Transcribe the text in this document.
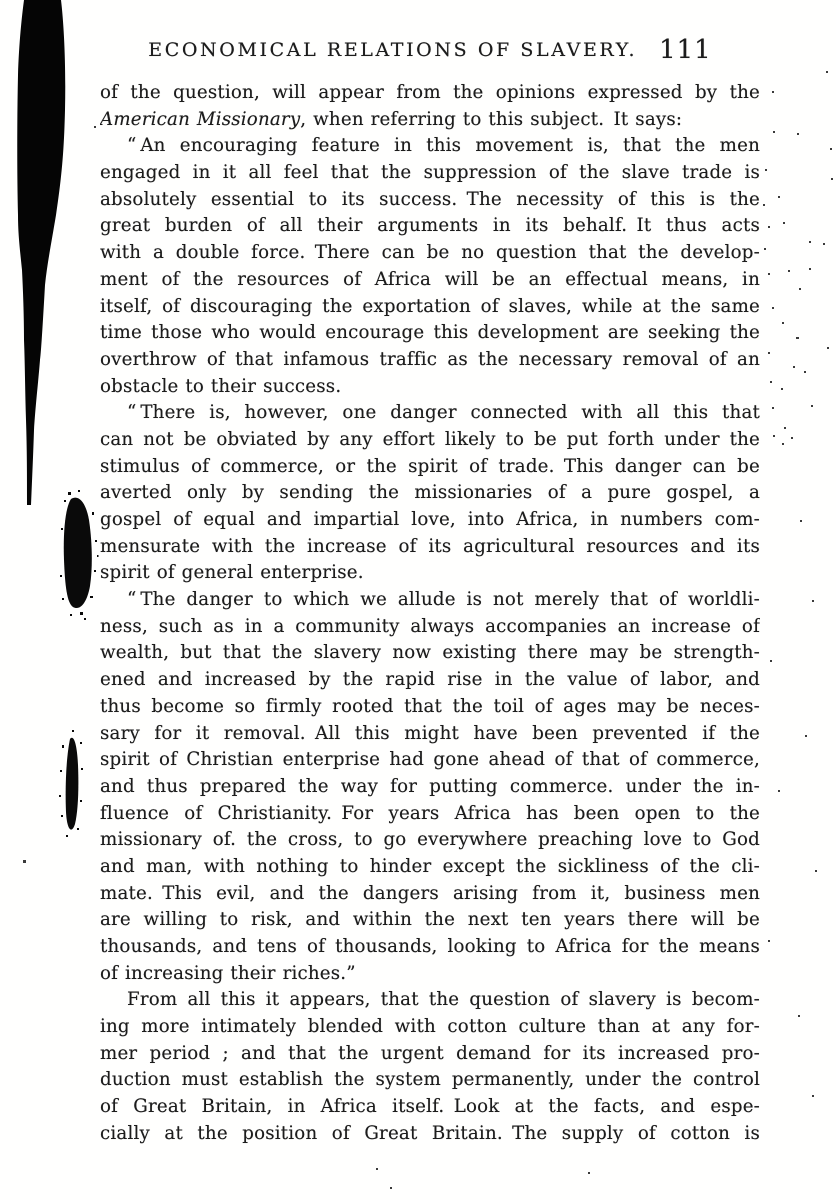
ECONOMICAL RELATIONS OF SLAVERY. 111
of the question, will appear from the opinions expressed by the
American Missionary, when referring to this subject. It says:
“ An encouraging feature in this movement is, that the men
engaged in it all feel that the suppression of the slave trade is
absolutely essential to its success. The necessity of this is the
great burden of all their arguments in its behalf. It thus acts
with a double force. There can be no question that the develop-
ment of the resources of Africa will be an effectual means, in
itself, of discouraging the exportation of slaves, while at the same
time those who would encourage this development are seeking the
overthrow of that infamous traffic as the necessary removal of an
obstacle to their success.
“ There is, however, one danger connected with all this that
can not be obviated by any effort likely to be put forth under the
stimulus of commerce, or the spirit of trade. This danger can be
averted only by sending the missionaries of a pure gospel, a
gospel of equal and impartial love, into Africa, in numbers com-
mensurate with the increase of its agricultural resources and its
spirit of general enterprise.
“ The danger to which we allude is not merely that of worldli-
ness, such as in a community always accompanies an increase of
wealth, but that the slavery now existing there may be strength-
ened and increased by the rapid rise in the value of labor, and
thus become so firmly rooted that the toil of ages may be neces-
sary for it removal. All this might have been prevented if the
spirit of Christian enterprise had gone ahead of that of commerce,
and thus prepared the way for putting commerce. under the in-
fluence of Christianity. For years Africa has been open to the
missionary of. the cross, to go everywhere preaching love to God
and man, with nothing to hinder except the sickliness of the cli-
mate. This evil, and the dangers arising from it, business men
are willing to risk, and within the next ten years there will be
thousands, and tens of thousands, looking to Africa for the means
of increasing their riches.”
From all this it appears, that the question of slavery is becom-
ing more intimately blended with cotton culture than at any for-
mer period ; and that the urgent demand for its increased pro-
duction must establish the system permanently, under the control
of Great Britain, in Africa itself. Look at the facts, and espe-
cially at the position of Great Britain. The supply of cotton is
